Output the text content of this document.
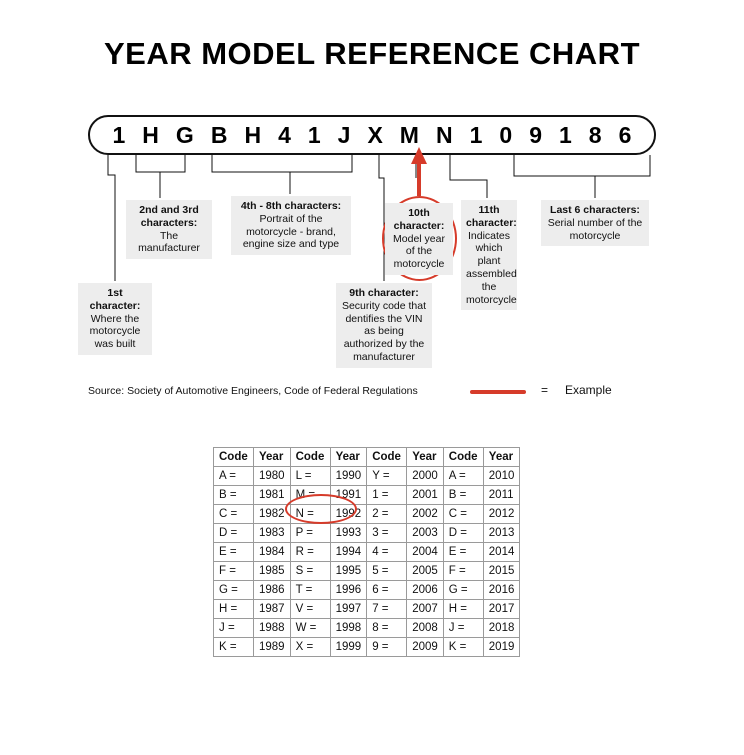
YEAR MODEL REFERENCE CHART
1 H G B H 4 1 J X M N 1 0 9 1 8 6
2nd and 3rd characters:
The manufacturer
4th - 8th characters:
Portrait of the motorcycle - brand, engine size and type
10th character:
Model year of the motorcycle
11th character:
Indicates which plant assembled the motorcycle
Last 6 characters:
Serial number of the motorcycle
1st character:
Where the motorcycle was built
9th character:
Security code that dentifies the VIN as being authorized by the manufacturer
Source: Society of Automotive Engineers, Code of Federal Regulations	= Example
Code	Year	Code	Year	Code	Year	Code	Year
A =	1980	L =	1990	Y =	2000	A =	2010
B =	1981	M =	1991	1 =	2001	B =	2011
C =	1982	N =	1992	2 =	2002	C =	2012
D =	1983	P =	1993	3 =	2003	D =	2013
E =	1984	R =	1994	4 =	2004	E =	2014
F =	1985	S =	1995	5 =	2005	F =	2015
G =	1986	T =	1996	6 =	2006	G =	2016
H =	1987	V =	1997	7 =	2007	H =	2017
J =	1988	W =	1998	8 =	2008	J =	2018
K =	1989	X =	1999	9 =	2009	K =	2019
